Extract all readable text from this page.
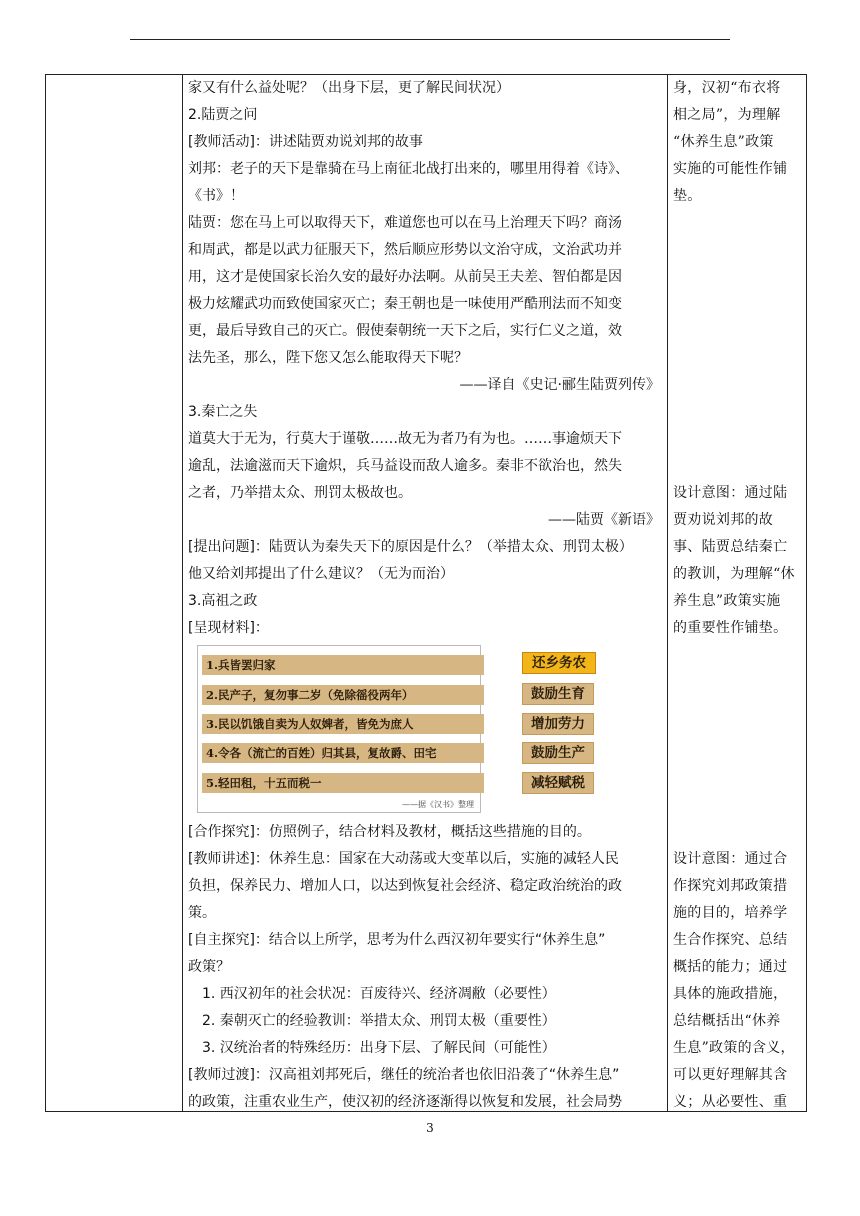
家又有什么益处呢？（出身下层，更了解民间状况）
2.陆贾之问
[教师活动]：讲述陆贾劝说刘邦的故事
刘邦：老子的天下是靠骑在马上南征北战打出来的，哪里用得着《诗》、
《书》！
陆贾：您在马上可以取得天下，难道您也可以在马上治理天下吗？商汤
和周武，都是以武力征服天下，然后顺应形势以文治守成，文治武功并
用，这才是使国家长治久安的最好办法啊。从前吴王夫差、智伯都是因
极力炫耀武功而致使国家灭亡；秦王朝也是一味使用严酷刑法而不知变
更，最后导致自己的灭亡。假使秦朝统一天下之后，实行仁义之道，效
法先圣，那么，陛下您又怎么能取得天下呢？
——译自《史记·郦生陆贾列传》
3.秦亡之失
道莫大于无为，行莫大于谨敬……故无为者乃有为也。……事逾烦天下
逾乱，法逾滋而天下逾炽，兵马益设而敌人逾多。秦非不欲治也，然失
之者，乃举措太众、刑罚太极故也。
——陆贾《新语》
[提出问题]：陆贾认为秦失天下的原因是什么？（举措太众、刑罚太极）
他又给刘邦提出了什么建议？（无为而治）
3.高祖之政
[呈现材料]：
[合作探究]：仿照例子，结合材料及教材，概括这些措施的目的。
[教师讲述]：休养生息：国家在大动荡或大变革以后，实施的减轻人民
负担，保养民力、增加人口，以达到恢复社会经济、稳定政治统治的政
策。
[自主探究]：结合以上所学，思考为什么西汉初年要实行“休养生息”
政策？
1. 西汉初年的社会状况：百废待兴、经济凋敝（必要性）
2. 秦朝灭亡的经验教训：举措太众、刑罚太极（重要性）
3. 汉统治者的特殊经历：出身下层、了解民间（可能性）
[教师过渡]：汉高祖刘邦死后，继任的统治者也依旧沿袭了“休养生息”
的政策，注重农业生产，使汉初的经济逐渐得以恢复和发展，社会局势
1.兵皆罢归家
2.民产子，复勿事二岁（免除徭役两年）
3.民以饥饿自卖为人奴婢者，皆免为庶人
4.令各（流亡的百姓）归其县，复故爵、田宅
5.轻田租，十五而税一
——据《汉书》整理
还乡务农
鼓励生育
增加劳力
鼓励生产
减轻赋税
身，汉初“布衣将
相之局”，为理解
“休养生息”政策
实施的可能性作铺
垫。
设计意图：通过陆
贾劝说刘邦的故
事、陆贾总结秦亡
的教训，为理解“休
养生息”政策实施
的重要性作铺垫。
设计意图：通过合
作探究刘邦政策措
施的目的，培养学
生合作探究、总结
概括的能力；通过
具体的施政措施，
总结概括出“休养
生息”政策的含义，
可以更好理解其含
义；从必要性、重
3
